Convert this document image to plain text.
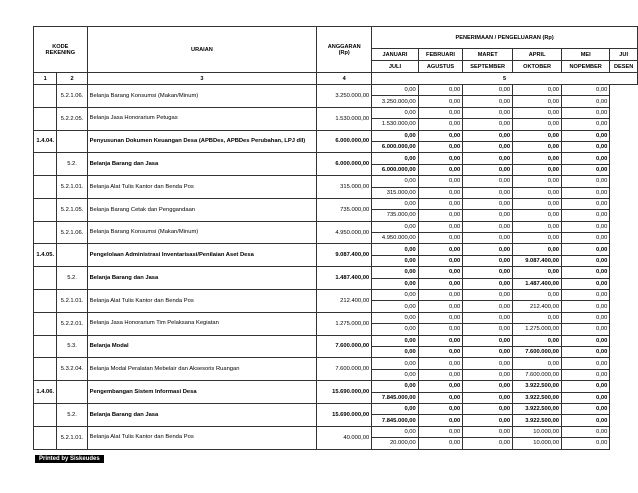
KODE
REKENING		URAIAN	ANGGARAN
(Rp)	PENERIMAAN / PENGELUARAN (Rp)					
				JANUARI	FEBRUARI	MARET	APRIL	MEI	JUI
				JULI	AGUSTUS	SEPTEMBER	OKTOBER	NOPEMBER	DESEN
1	2	3	4	5					
	5.2.1.06.	Belanja Barang Konsumsi (Makan/Minum)	3.250.000,00	0,00	0,00	0,00	0,00	0,00	
				3.250.000,00	0,00	0,00	0,00	0,00	
	5.2.2.05.	Belanja Jasa Honorarium Petugas	1.530.000,00	0,00	0,00	0,00	0,00	0,00	
				1.530.000,00	0,00	0,00	0,00	0,00	
1.4.04.		Penyusunan Dokumen Keuangan Desa (APBDes, APBDes Perubahan, LPJ dll)	6.000.000,00	0,00	0,00	0,00	0,00	0,00	
				6.000.000,00	0,00	0,00	0,00	0,00	
	5.2.	Belanja Barang dan Jasa	6.000.000,00	0,00	0,00	0,00	0,00	0,00	
				6.000.000,00	0,00	0,00	0,00	0,00	
	5.2.1.01.	Belanja Alat Tulis Kantor dan Benda Pos	315.000,00	0,00	0,00	0,00	0,00	0,00	
				315.000,00	0,00	0,00	0,00	0,00	
	5.2.1.05.	Belanja Barang Cetak dan Penggandaan	735.000,00	0,00	0,00	0,00	0,00	0,00	
				735.000,00	0,00	0,00	0,00	0,00	
	5.2.1.06.	Belanja Barang Konsumsi (Makan/Minum)	4.950.000,00	0,00	0,00	0,00	0,00	0,00	
				4.950.000,00	0,00	0,00	0,00	0,00	
1.4.05.		Pengelolaan Administrasi Inventarisasi/Penilaian Aset Desa	9.087.400,00	0,00	0,00	0,00	0,00	0,00	
				0,00	0,00	0,00	9.087.400,00	0,00	
	5.2.	Belanja Barang dan Jasa	1.487.400,00	0,00	0,00	0,00	0,00	0,00	
				0,00	0,00	0,00	1.487.400,00	0,00	
	5.2.1.01.	Belanja Alat Tulis Kantor dan Benda Pos	212.400,00	0,00	0,00	0,00	0,00	0,00	
				0,00	0,00	0,00	212.400,00	0,00	
	5.2.2.01.	Belanja Jasa Honorarium Tim Pelaksana Kegiatan	1.275.000,00	0,00	0,00	0,00	0,00	0,00	
				0,00	0,00	0,00	1.275.000,00	0,00	
	5.3.	Belanja Modal	7.600.000,00	0,00	0,00	0,00	0,00	0,00	
				0,00	0,00	0,00	7.600.000,00	0,00	
	5.3.2.04.	Belanja Modal Peralatan Mebelair dan Aksesoris Ruangan	7.600.000,00	0,00	0,00	0,00	0,00	0,00	
				0,00	0,00	0,00	7.600.000,00	0,00	
1.4.06.		Pengembangan Sistem Informasi Desa	15.690.000,00	0,00	0,00	0,00	3.922.500,00	0,00	
				7.845.000,00	0,00	0,00	3.922.500,00	0,00	
	5.2.	Belanja Barang dan Jasa	15.690.000,00	0,00	0,00	0,00	3.922.500,00	0,00	
				7.845.000,00	0,00	0,00	3.922.500,00	0,00	
	5.2.1.01.	Belanja Alat Tulis Kantor dan Benda Pos	40.000,00	0,00	0,00	0,00	10.000,00	0,00	
				20.000,00	0,00	0,00	10.000,00	0,00	
Printed by Siskeudes
